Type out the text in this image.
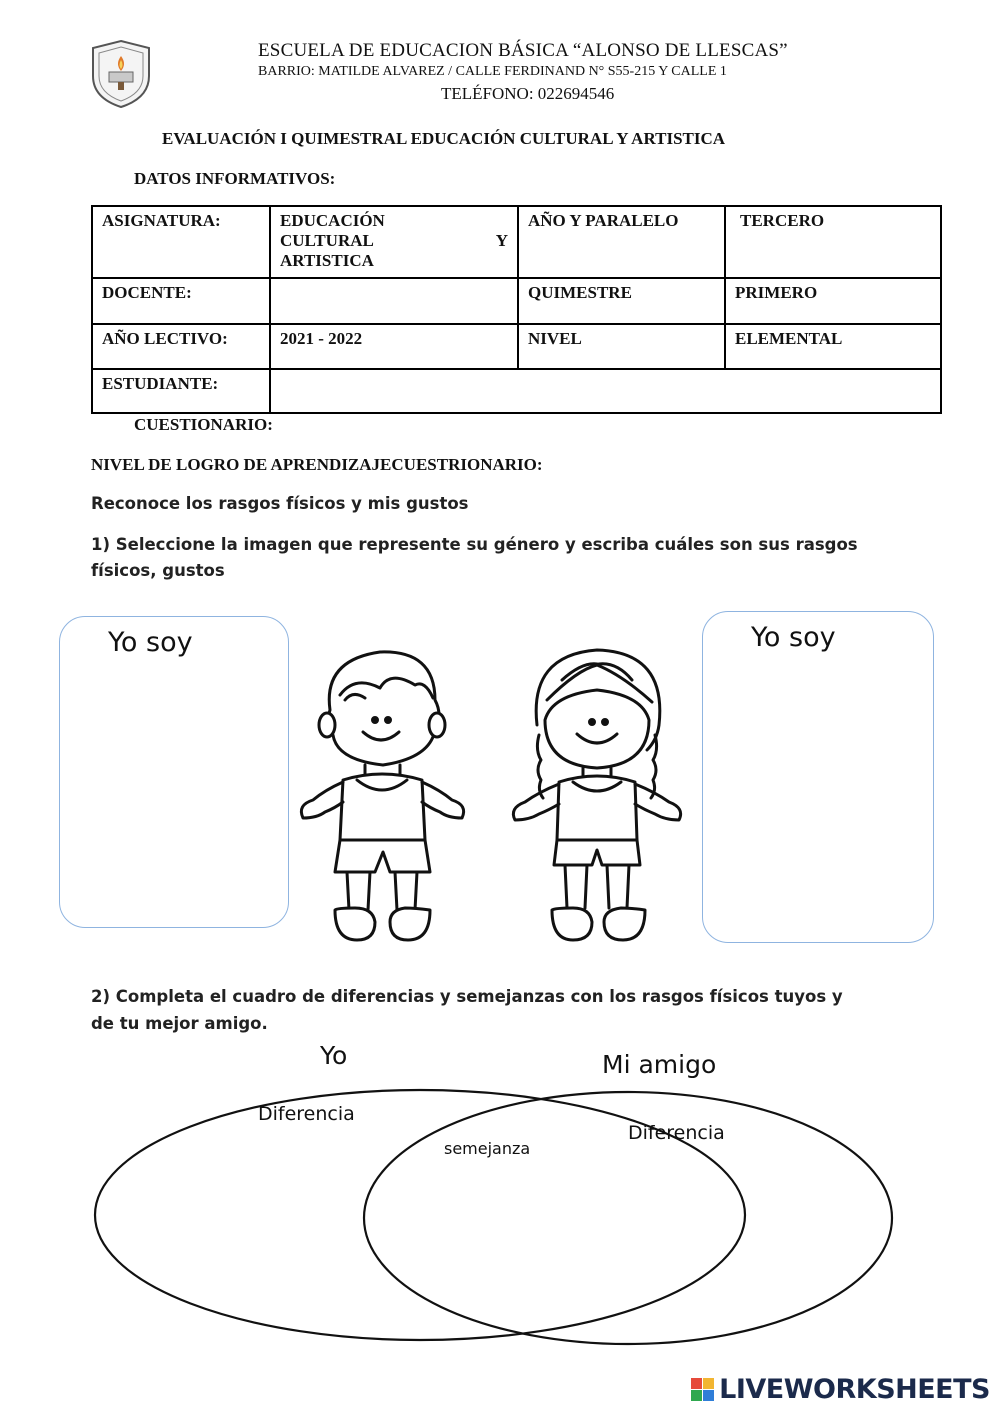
ESCUELA DE EDUCACION BÁSICA “ALONSO DE LLESCAS”
BARRIO: MATILDE ALVAREZ / CALLE FERDINAND N° S55-215 Y CALLE 1
TELÉFONO: 022694546
EVALUACIÓN I QUIMESTRAL EDUCACIÓN CULTURAL Y ARTISTICA
DATOS INFORMATIVOS:
ASIGNATURA:	EDUCACIÓN
CULTURAL Y
ARTISTICA	AÑO Y PARALELO	TERCERO
DOCENTE:		QUIMESTRE	PRIMERO
AÑO LECTIVO:	2021 - 2022	NIVEL	ELEMENTAL
ESTUDIANTE:			
CUESTIONARIO:
NIVEL DE LOGRO DE APRENDIZAJECUESTRIONARIO:
Reconoce los rasgos físicos y mis gustos
1) Seleccione la imagen que represente su género y escriba cuáles son sus rasgos
físicos, gustos
Yo soy	Yo soy
2) Completa el cuadro de diferencias y semejanzas con los rasgos físicos tuyos y
de tu mejor amigo.
Yo	Mi amigo
Diferencia
semejanza
Diferencia
LIVEWORKSHEETS
